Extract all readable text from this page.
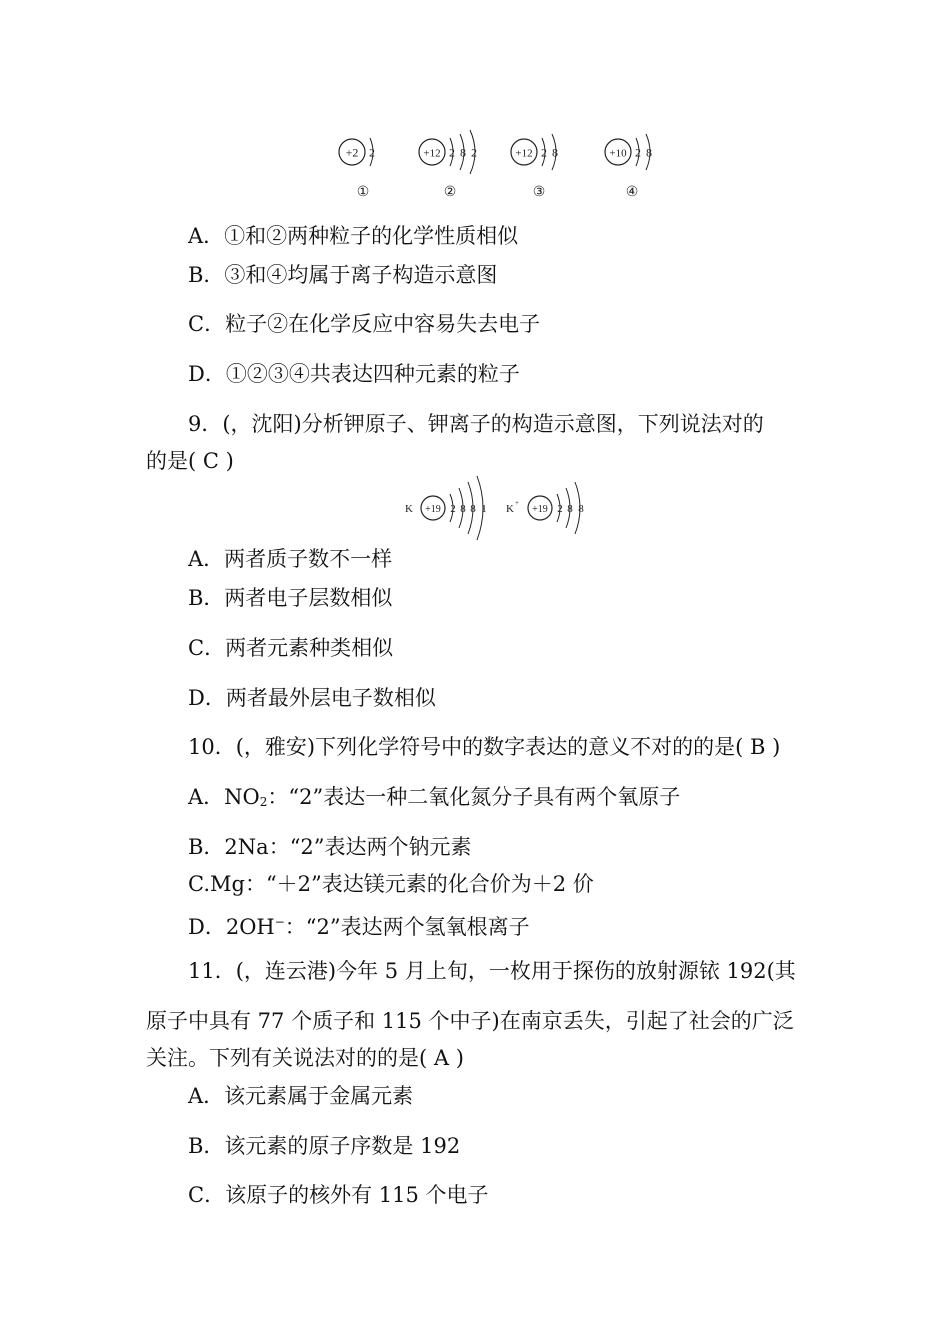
+2 2
①
+12 2 8 2
②
+12 2 8
③
+10 2 8
④
A．①和②两种粒子的化学性质相似
B．③和④均属于离子构造示意图
C．粒子②在化学反应中容易失去电子
D．①②③④共表达四种元素的粒子
9．(，沈阳)分析钾原子、钾离子的构造示意图，下列说法对的
的是( C )
K +19 2 8 8 1 K +
+19 2 8 8
A．两者质子数不一样
B．两者电子层数相似
C．两者元素种类相似
D．两者最外层电子数相似
10．(，雅安)下列化学符号中的数字表达的意义不对的的是( B )
A．$NO_2$：“2”表达一种二氧化氮分子具有两个氧原子
B．2Na：“2”表达两个钠元素
C.Mg：“＋2”表达镁元素的化合价为＋2 价
D．2OH−：“2”表达两个氢氧根离子
11．(，连云港)今年 5 月上旬，一枚用于探伤的放射源铱 192(其
原子中具有 77 个质子和 115 个中子)在南京丢失，引起了社会的广泛
关注。下列有关说法对的的是( A )
A．该元素属于金属元素
B．该元素的原子序数是 192
C．该原子的核外有 115 个电子
